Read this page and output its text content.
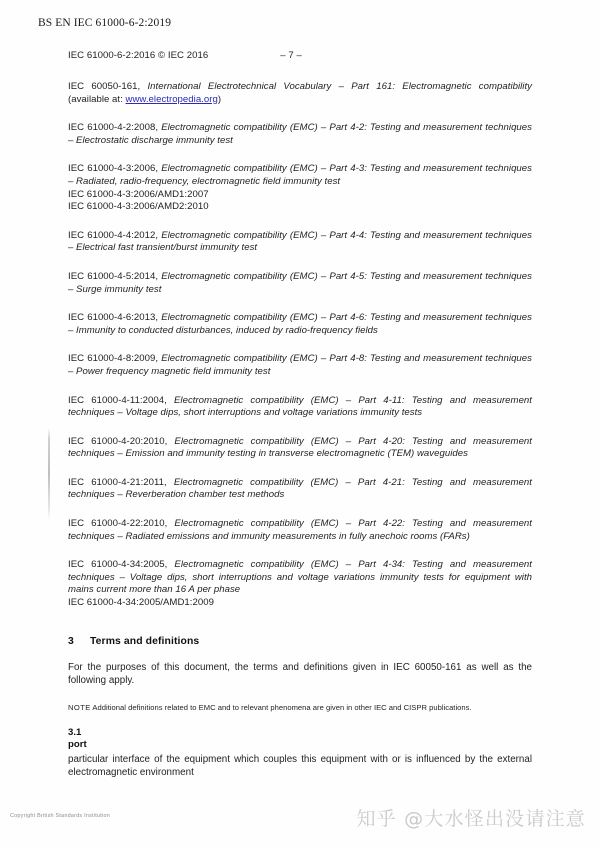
BS EN IEC 61000-6-2:2019
IEC 61000-6-2:2016 © IEC 2016	– 7 –

IEC 60050-161, International Electrotechnical Vocabulary – Part 161: Electromagnetic compatibility (available at: www.electropedia.org)

IEC 61000-4-2:2008, Electromagnetic compatibility (EMC) – Part 4-2: Testing and measurement techniques – Electrostatic discharge immunity test

IEC 61000-4-3:2006, Electromagnetic compatibility (EMC) – Part 4-3: Testing and measurement techniques – Radiated, radio-frequency, electromagnetic field immunity test
IEC 61000-4-3:2006/AMD1:2007
IEC 61000-4-3:2006/AMD2:2010

IEC 61000-4-4:2012, Electromagnetic compatibility (EMC) – Part 4-4: Testing and measurement techniques – Electrical fast transient/burst immunity test

IEC 61000-4-5:2014, Electromagnetic compatibility (EMC) – Part 4-5: Testing and measurement techniques – Surge immunity test

IEC 61000-4-6:2013, Electromagnetic compatibility (EMC) – Part 4-6: Testing and measurement techniques – Immunity to conducted disturbances, induced by radio-frequency fields

IEC 61000-4-8:2009, Electromagnetic compatibility (EMC) – Part 4-8: Testing and measurement techniques – Power frequency magnetic field immunity test

IEC 61000-4-11:2004, Electromagnetic compatibility (EMC) – Part 4-11: Testing and measurement techniques – Voltage dips, short interruptions and voltage variations immunity tests

IEC 61000-4-20:2010, Electromagnetic compatibility (EMC) – Part 4-20: Testing and measurement techniques – Emission and immunity testing in transverse electromagnetic (TEM) waveguides

IEC 61000-4-21:2011, Electromagnetic compatibility (EMC) – Part 4-21: Testing and measurement techniques – Reverberation chamber test methods

IEC 61000-4-22:2010, Electromagnetic compatibility (EMC) – Part 4-22: Testing and measurement techniques – Radiated emissions and immunity measurements in fully anechoic rooms (FARs)

IEC 61000-4-34:2005, Electromagnetic compatibility (EMC) – Part 4-34: Testing and measurement techniques – Voltage dips, short interruptions and voltage variations immunity tests for equipment with mains current more than 16 A per phase
IEC 61000-4-34:2005/AMD1:2009

3 Terms and definitions

For the purposes of this document, the terms and definitions given in IEC 60050-161 as well as the following apply.

NOTE Additional definitions related to EMC and to relevant phenomena are given in other IEC and CISPR publications.

3.1

port

particular interface of the equipment which couples this equipment with or is influenced by the external electromagnetic environment

Copyright British Standards Institution	知乎 @大水怪出没请注意
